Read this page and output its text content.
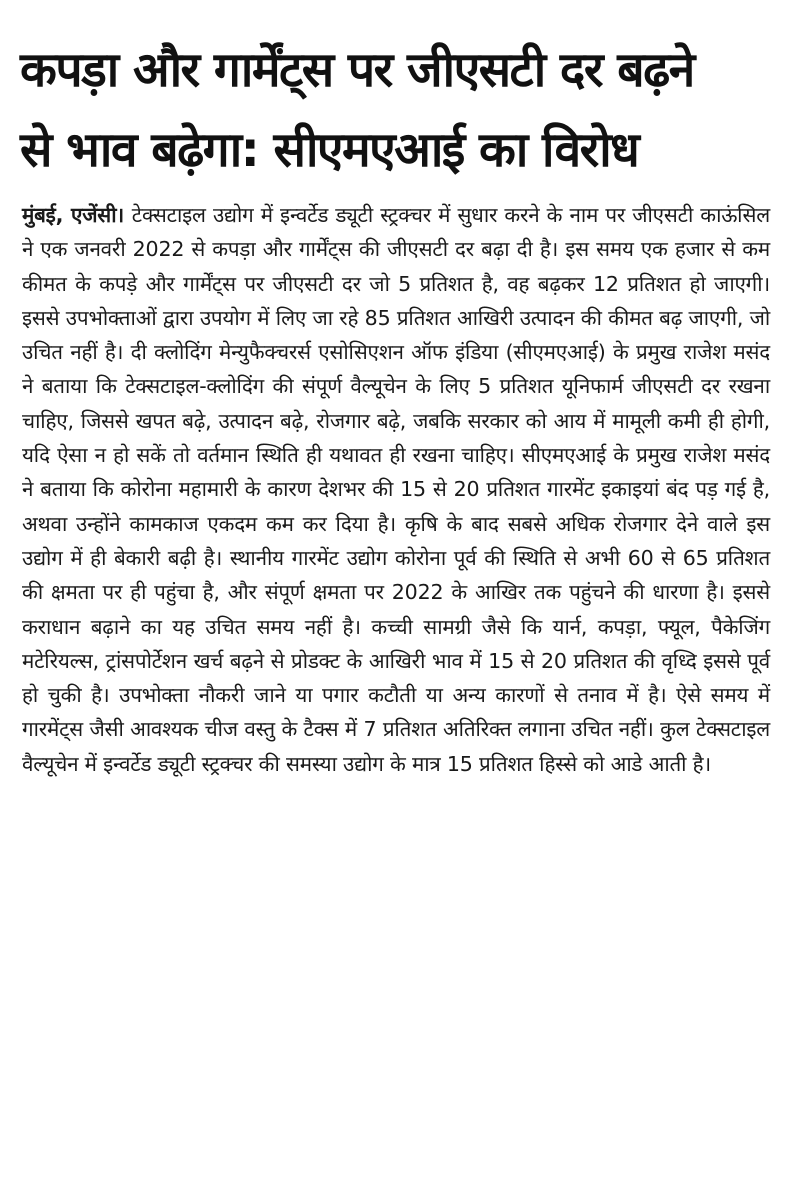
कपड़ा और गार्मेंट्स पर जीएसटी दर बढ़ने
से भाव बढ़ेगा: सीएमएआई का विरोध
मुंबई, एजेंसी। टेक्सटाइल उद्योग में इन्वर्टेड ड्यूटी स्ट्रक्चर में सुधार करने के नाम पर जीएसटी काऊंसिल ने एक जनवरी 2022 से कपड़ा और गार्मेंट्स की जीएसटी दर बढ़ा दी है। इस समय एक हजार से कम कीमत के कपड़े और गार्मेंट्स पर जीएसटी दर जो 5 प्रतिशत है, वह बढ़कर 12 प्रतिशत हो जाएगी। इससे उपभोक्ताओं द्वारा उपयोग में लिए जा रहे 85 प्रतिशत आखिरी उत्पादन की कीमत बढ़ जाएगी, जो उचित नहीं है। दी क्लोदिंग मेन्युफैक्चरर्स एसोसिएशन ऑफ इंडिया (सीएमएआई) के प्रमुख राजेश मसंद ने बताया कि टेक्सटाइल-क्लोदिंग की संपूर्ण वैल्यूचेन के लिए 5 प्रतिशत यूनिफार्म जीएसटी दर रखना चाहिए, जिससे खपत बढ़े, उत्पादन बढ़े, रोजगार बढ़े, जबकि सरकार को आय में मामूली कमी ही होगी, यदि ऐसा न हो सकें तो वर्तमान स्थिति ही यथावत ही रखना चाहिए। सीएमएआई के प्रमुख राजेश मसंद ने बताया कि कोरोना महामारी के कारण देशभर की 15 से 20 प्रतिशत गारमेंट इकाइयां बंद पड़ गई है, अथवा उन्होंने कामकाज एकदम कम कर दिया है। कृषि के बाद सबसे अधिक रोजगार देने वाले इस उद्योग में ही बेकारी बढ़ी है। स्थानीय गारमेंट उद्योग कोरोना पूर्व की स्थिति से अभी 60 से 65 प्रतिशत की क्षमता पर ही पहुंचा है, और संपूर्ण क्षमता पर 2022 के आखिर तक पहुंचने की धारणा है। इससे कराधान बढ़ाने का यह उचित समय नहीं है। कच्ची सामग्री जैसे कि यार्न, कपड़ा, फ्यूल, पैकेजिंग मटेरियल्स, ट्रांसपोर्टेशन खर्च बढ़ने से प्रोडक्ट के आखिरी भाव में 15 से 20 प्रतिशत की वृध्दि इससे पूर्व हो चुकी है। उपभोक्ता नौकरी जाने या पगार कटौती या अन्य कारणों से तनाव में है। ऐसे समय में गारमेंट्स जैसी आवश्यक चीज वस्तु के टैक्स में 7 प्रतिशत अतिरिक्त लगाना उचित नहीं। कुल टेक्सटाइल वैल्यूचेन में इन्वर्टेड ड्यूटी स्ट्रक्चर की समस्या उद्योग के मात्र 15 प्रतिशत हिस्से को आडे आती है।
